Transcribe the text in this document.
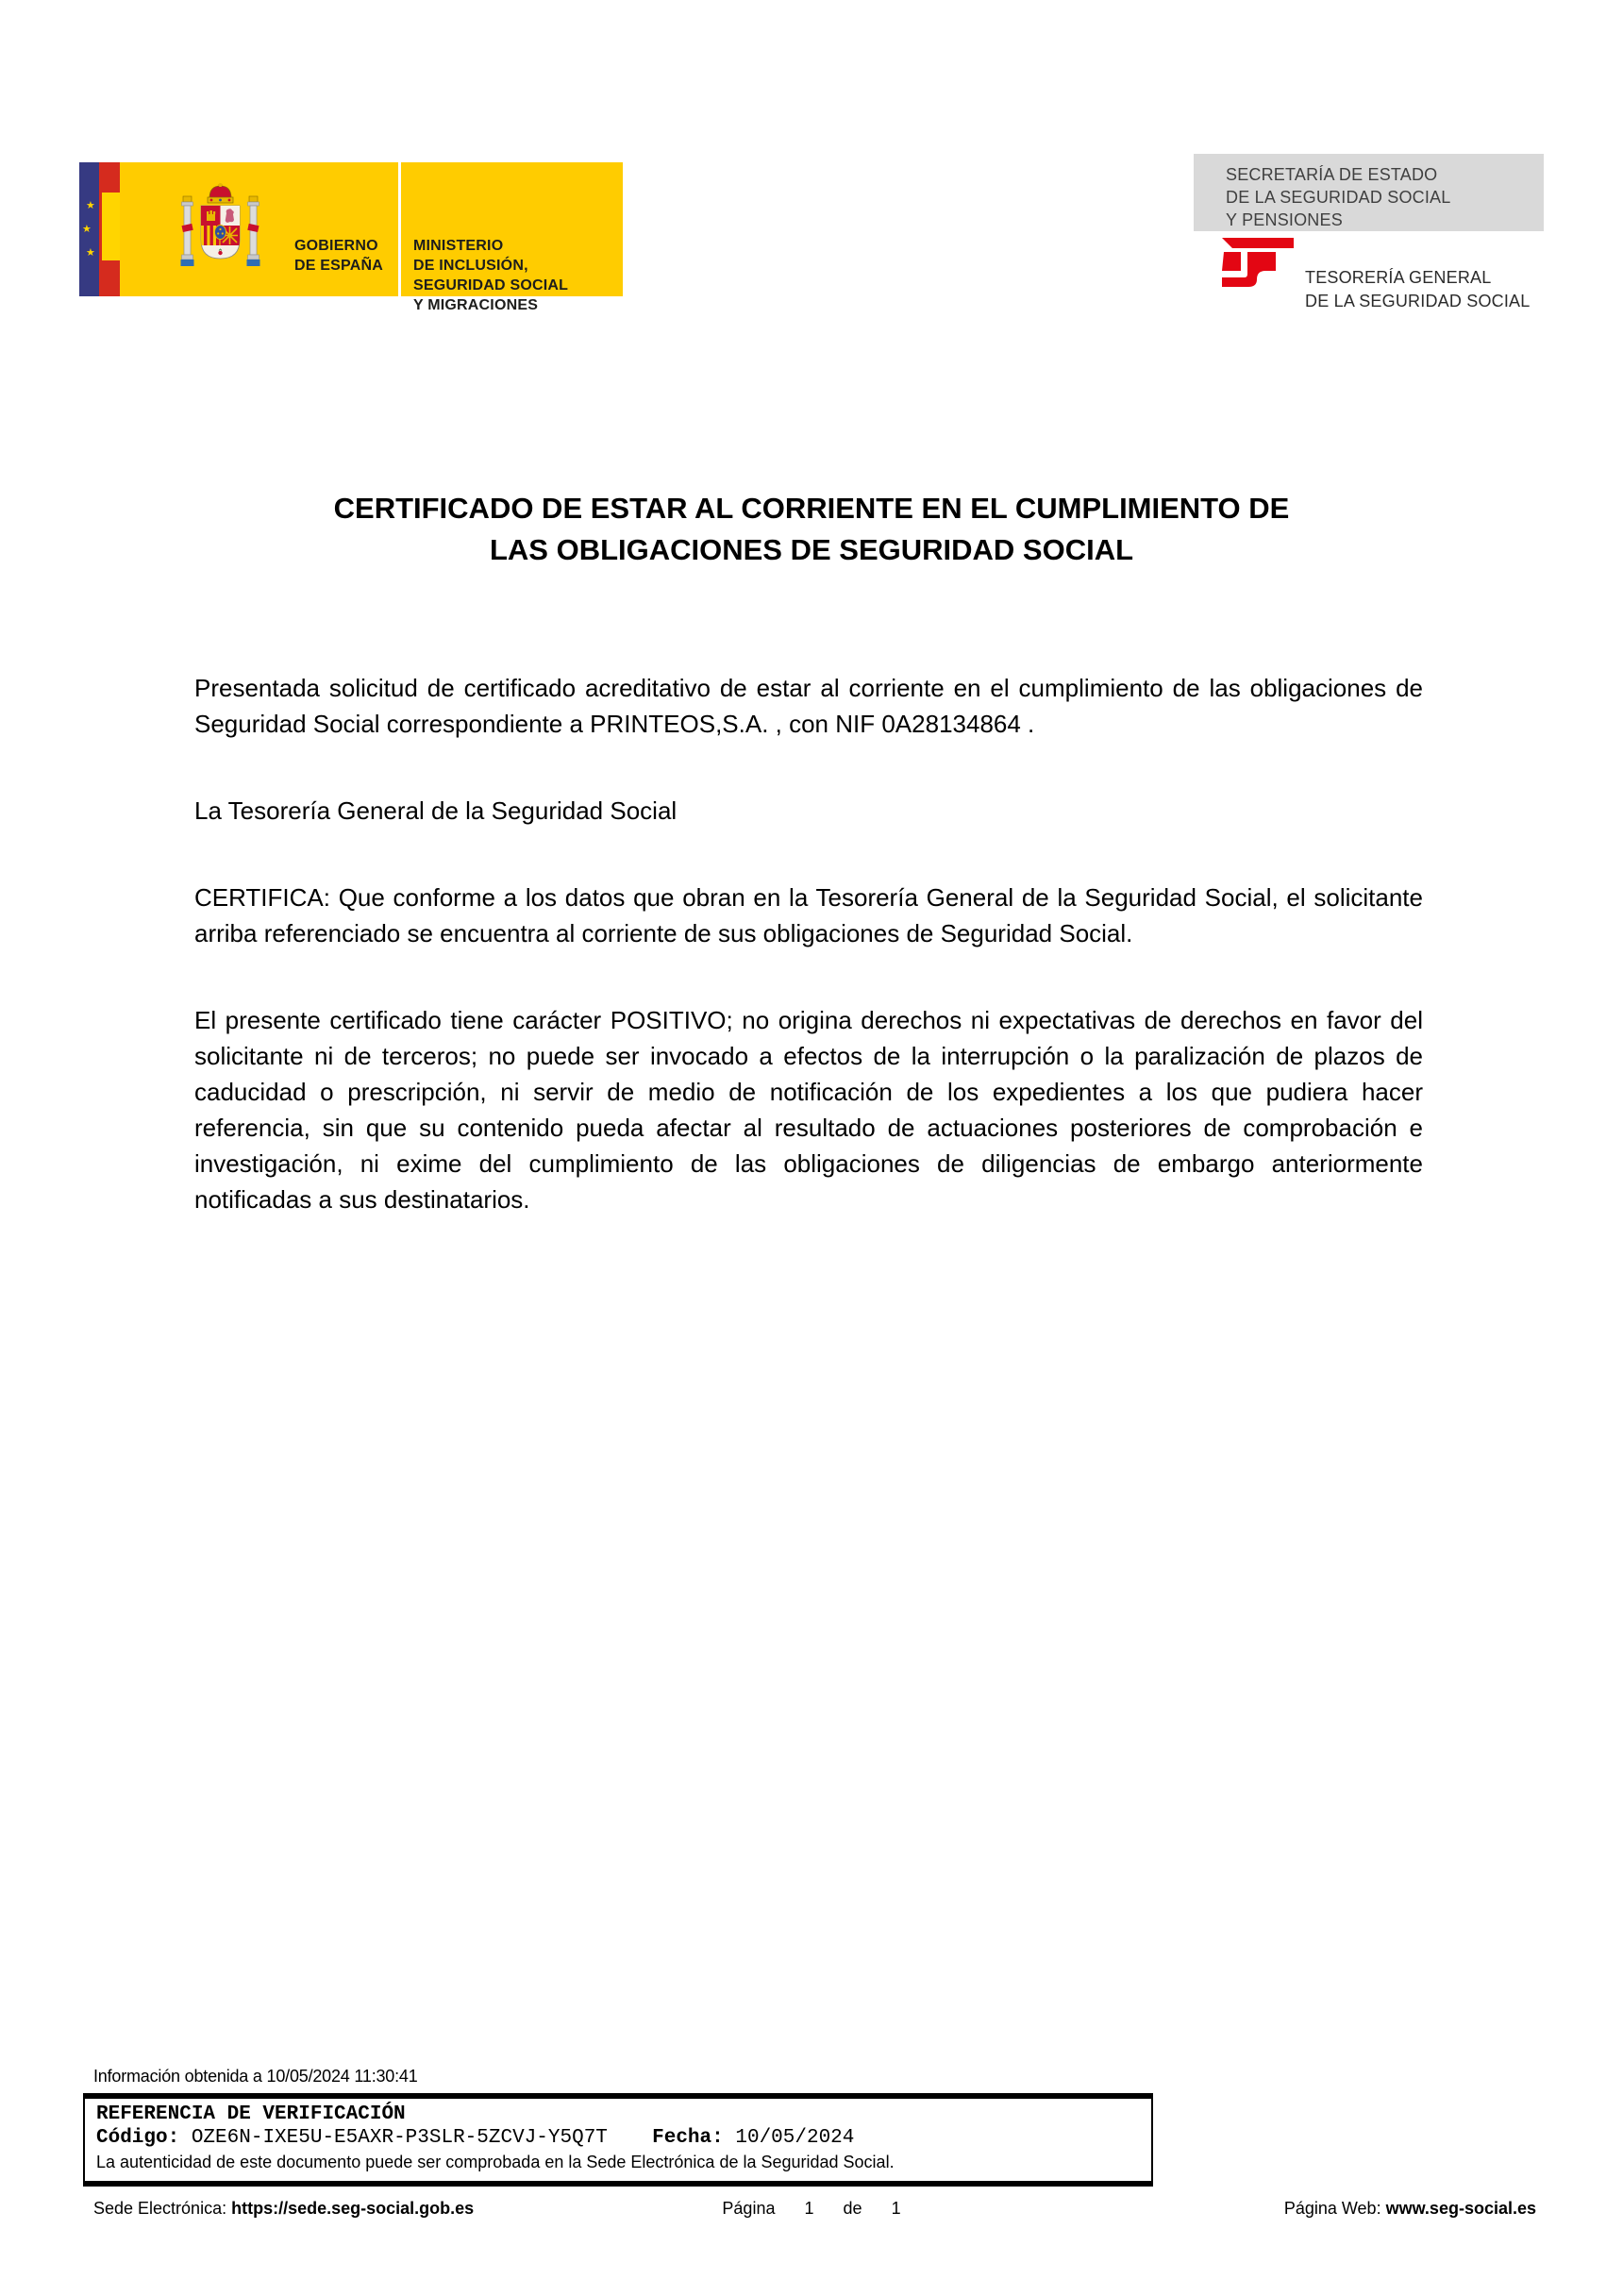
★
★
★	GOBIERNO
DE ESPAÑA
MINISTERIO
DE INCLUSIÓN, SEGURIDAD SOCIAL
Y MIGRACIONES
SECRETARÍA DE ESTADO
DE LA SEGURIDAD SOCIAL
Y PENSIONES
TESORERÍA GENERAL
DE LA SEGURIDAD SOCIAL
CERTIFICADO DE ESTAR AL CORRIENTE EN EL CUMPLIMIENTO DE
LAS OBLIGACIONES DE SEGURIDAD SOCIAL

Presentada solicitud de certificado acreditativo de estar al corriente en el cumplimiento de las obligaciones de Seguridad Social correspondiente a PRINTEOS,S.A. , con NIF 0A28134864 .

La Tesorería General de la Seguridad Social

CERTIFICA: Que conforme a los datos que obran en la Tesorería General de la Seguridad Social, el solicitante arriba referenciado se encuentra al corriente de sus obligaciones de Seguridad Social.

El presente certificado tiene carácter POSITIVO; no origina derechos ni expectativas de derechos en favor del solicitante ni de terceros; no puede ser invocado a efectos de la interrupción o la paralización de plazos de caducidad o prescripción, ni servir de medio de notificación de los expedientes a los que pudiera hacer referencia, sin que su contenido pueda afectar al resultado de actuaciones posteriores de comprobación e investigación, ni exime del cumplimiento de las obligaciones de diligencias de embargo anteriormente notificadas a sus destinatarios.

Información obtenida a 10/05/2024 11:30:41
REFERENCIA DE VERIFICACIÓN
Código: OZE6N-IXE5U-E5AXR-P3SLR-5ZCVJ-Y5Q7T Fecha: 10/05/2024
La autenticidad de este documento puede ser comprobada en la Sede Electrónica de la Seguridad Social.
Sede Electrónica: https://sede.seg-social.gob.es	Página 1 de 1	Página Web: www.seg-social.es
